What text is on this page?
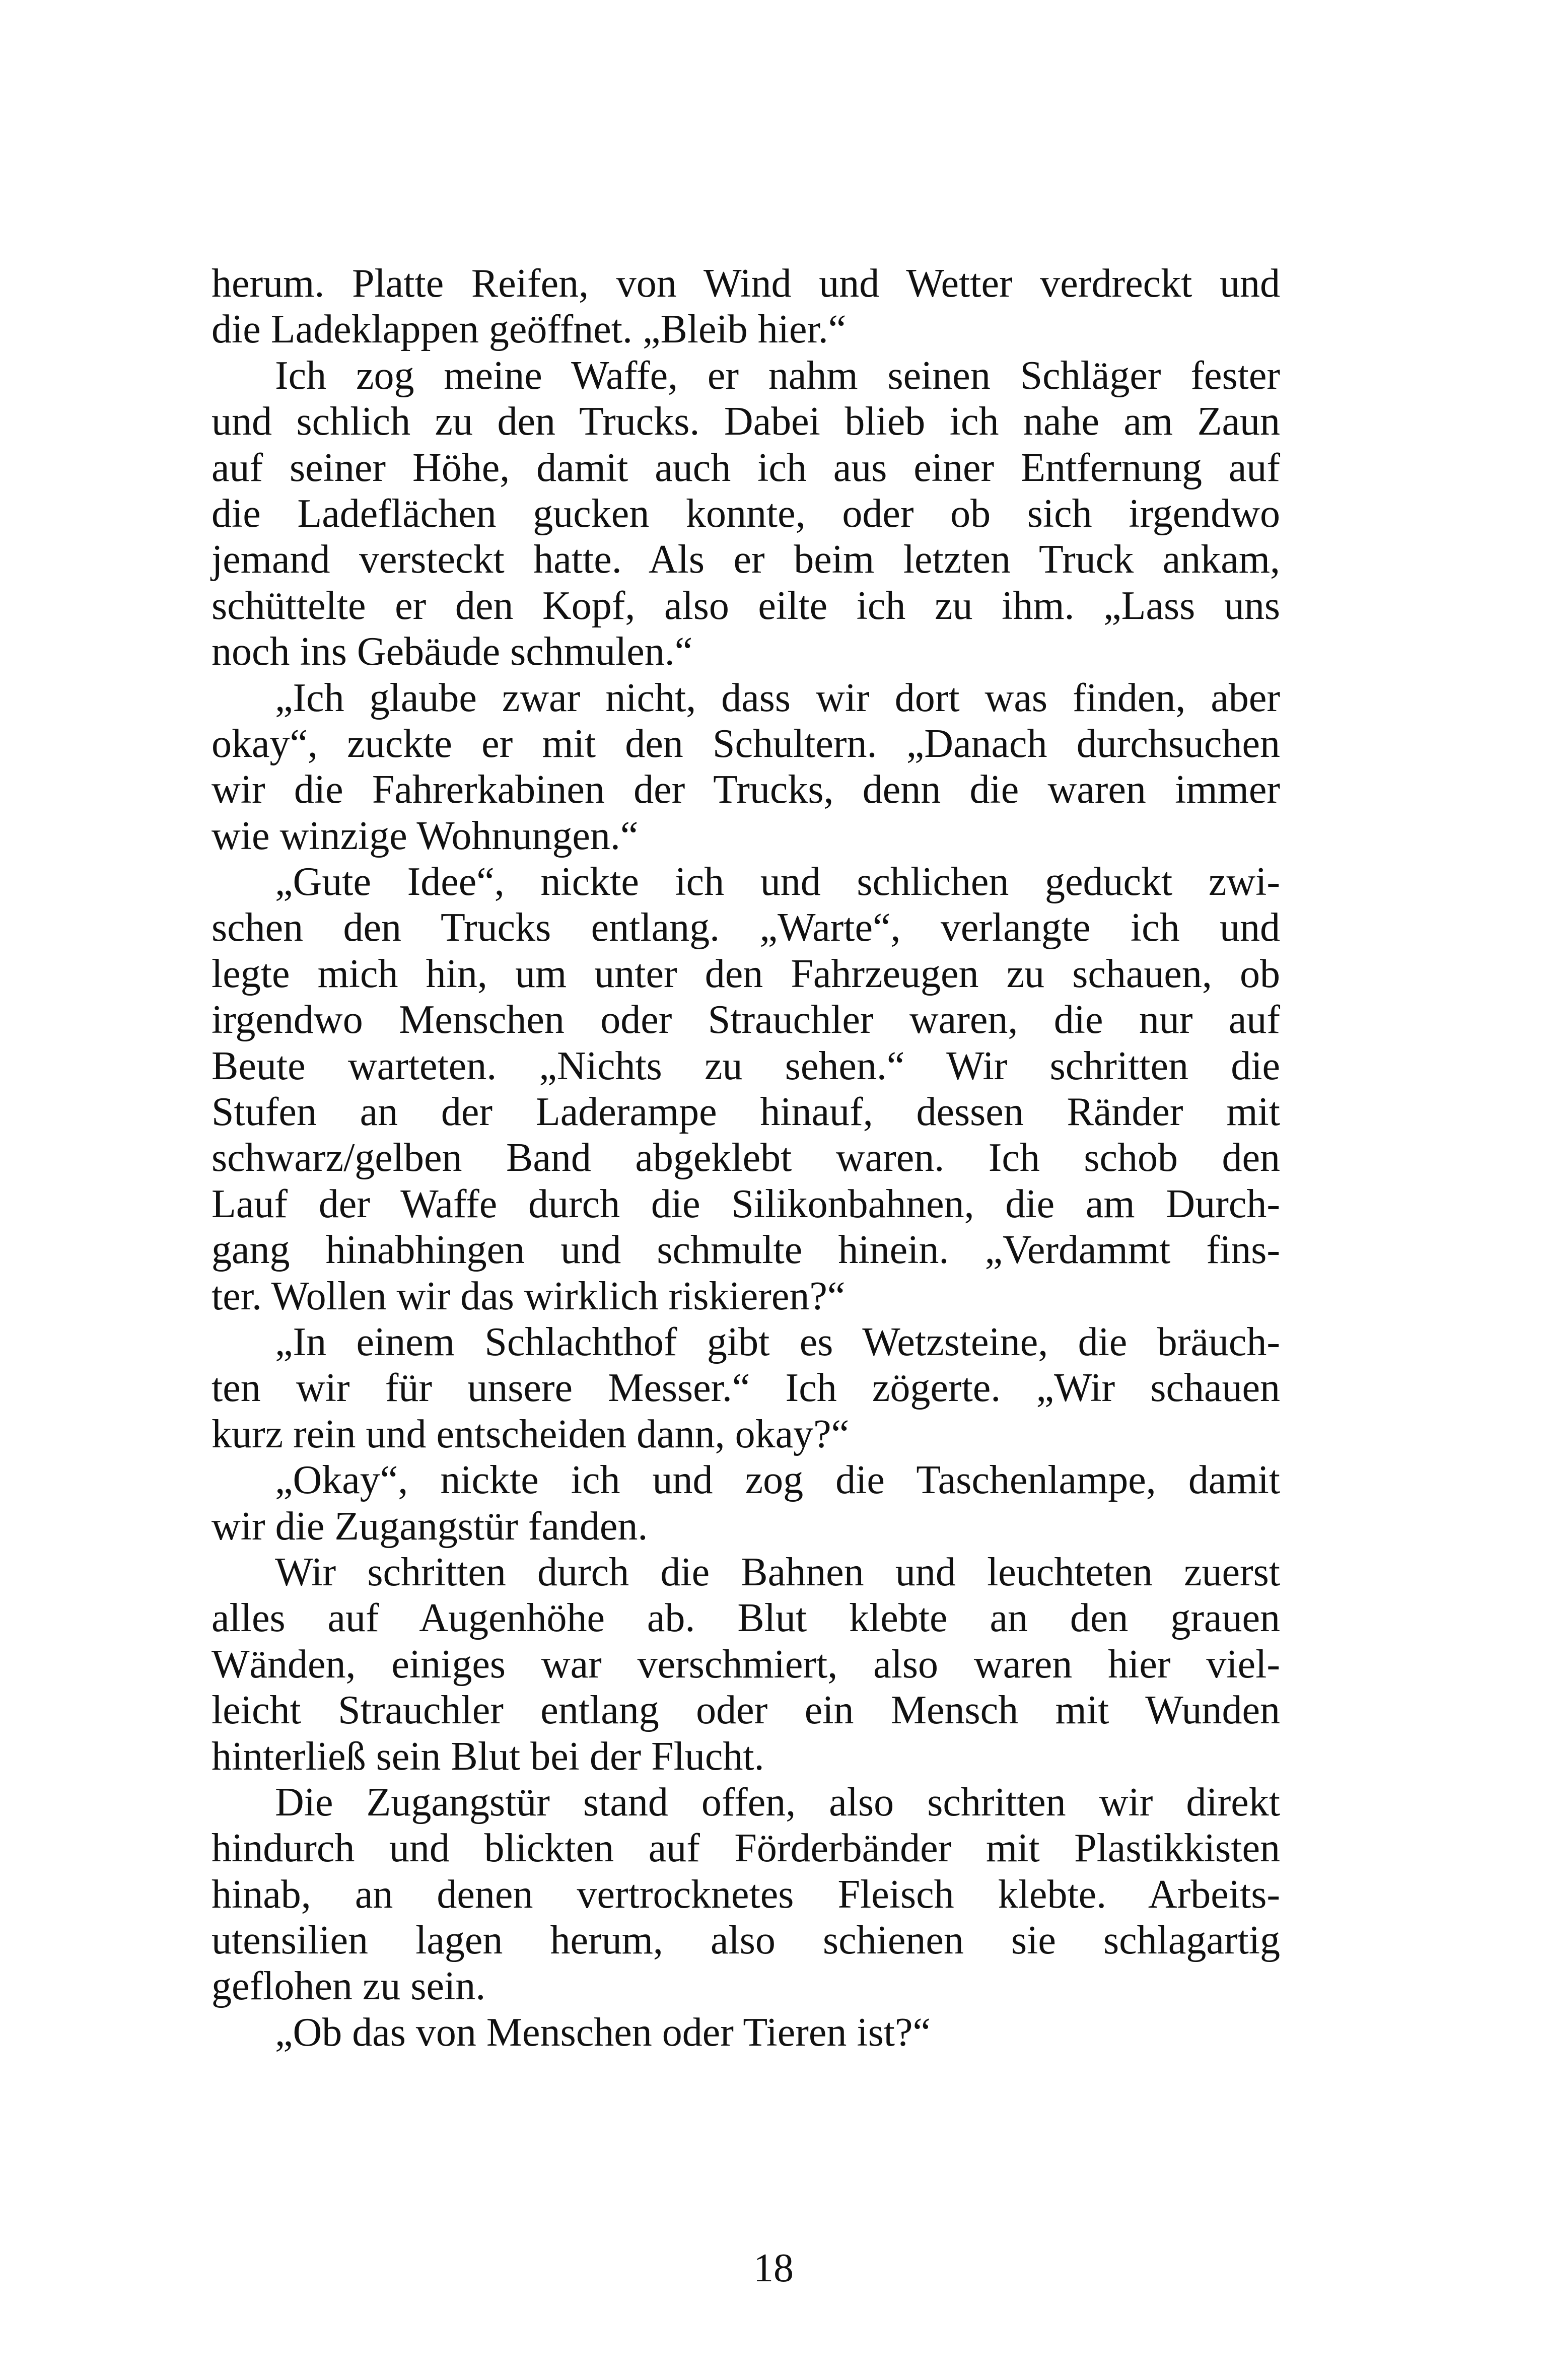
herum. Platte Reifen, von Wind und Wetter verdreckt und
die Ladeklappen geöffnet. „Bleib hier.“
Ich zog meine Waffe, er nahm seinen Schläger fester
und schlich zu den Trucks. Dabei blieb ich nahe am Zaun
auf seiner Höhe, damit auch ich aus einer Entfernung auf
die Ladeflächen gucken konnte, oder ob sich irgendwo
jemand versteckt hatte. Als er beim letzten Truck ankam,
schüttelte er den Kopf, also eilte ich zu ihm. „Lass uns
noch ins Gebäude schmulen.“
„Ich glaube zwar nicht, dass wir dort was finden, aber
okay“, zuckte er mit den Schultern. „Danach durchsuchen
wir die Fahrerkabinen der Trucks, denn die waren immer
wie winzige Wohnungen.“
„Gute Idee“, nickte ich und schlichen geduckt zwi-
schen den Trucks entlang. „Warte“, verlangte ich und
legte mich hin, um unter den Fahrzeugen zu schauen, ob
irgendwo Menschen oder Strauchler waren, die nur auf
Beute warteten. „Nichts zu sehen.“ Wir schritten die
Stufen an der Laderampe hinauf, dessen Ränder mit
schwarz/gelben Band abgeklebt waren. Ich schob den
Lauf der Waffe durch die Silikonbahnen, die am Durch-
gang hinabhingen und schmulte hinein. „Verdammt fins-
ter. Wollen wir das wirklich riskieren?“
„In einem Schlachthof gibt es Wetzsteine, die bräuch-
ten wir für unsere Messer.“ Ich zögerte. „Wir schauen
kurz rein und entscheiden dann, okay?“
„Okay“, nickte ich und zog die Taschenlampe, damit
wir die Zugangstür fanden.
Wir schritten durch die Bahnen und leuchteten zuerst
alles auf Augenhöhe ab. Blut klebte an den grauen
Wänden, einiges war verschmiert, also waren hier viel-
leicht Strauchler entlang oder ein Mensch mit Wunden
hinterließ sein Blut bei der Flucht.
Die Zugangstür stand offen, also schritten wir direkt
hindurch und blickten auf Förderbänder mit Plastikkisten
hinab, an denen vertrocknetes Fleisch klebte. Arbeits-
utensilien lagen herum, also schienen sie schlagartig
geflohen zu sein.
„Ob das von Menschen oder Tieren ist?“
18
